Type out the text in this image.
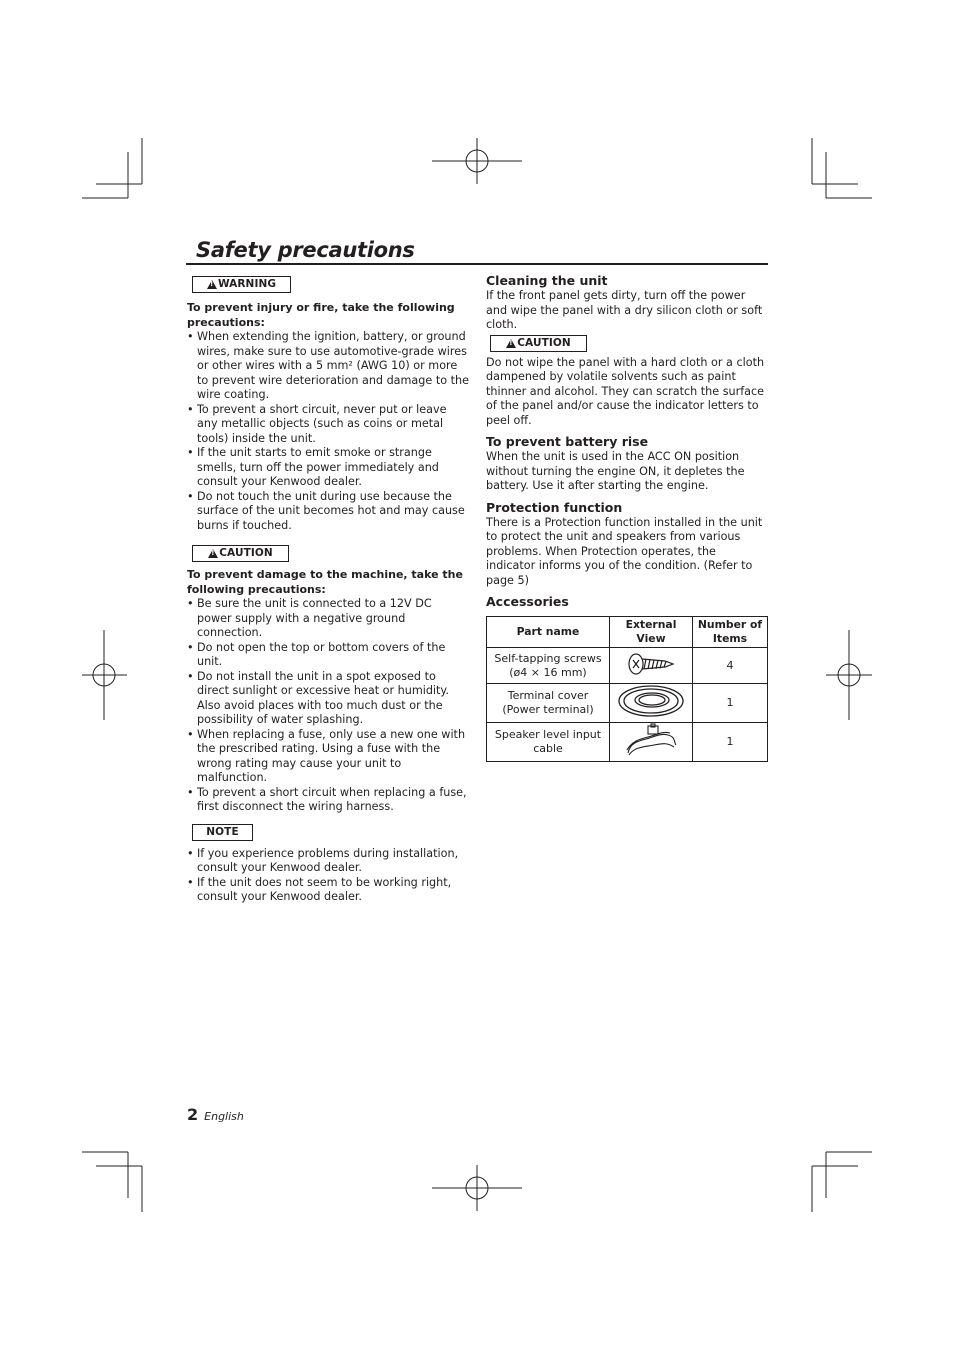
Safety precautions
!
WARNING

To prevent injury or fire, take the following precautions:

• When extending the ignition, battery, or ground wires, make sure to use automotive-grade wires or other wires with a 5 mm² (AWG 10) or more to prevent wire deterioration and damage to the wire coating.
• To prevent a short circuit, never put or leave any metallic objects (such as coins or metal tools) inside the unit.
• If the unit starts to emit smoke or strange smells, turn off the power immediately and consult your Kenwood dealer.
• Do not touch the unit during use because the surface of the unit becomes hot and may cause burns if touched.
!
CAUTION

To prevent damage to the machine, take the following precautions:

• Be sure the unit is connected to a 12V DC power supply with a negative ground connection.
• Do not open the top or bottom covers of the unit.
• Do not install the unit in a spot exposed to direct sunlight or excessive heat or humidity. Also avoid places with too much dust or the possibility of water splashing.
• When replacing a fuse, only use a new one with the prescribed rating. Using a fuse with the wrong rating may cause your unit to malfunction.
• To prevent a short circuit when replacing a fuse, first disconnect the wiring harness.
NOTE
• If you experience problems during installation, consult your Kenwood dealer.
• If the unit does not seem to be working right, consult your Kenwood dealer.
Cleaning the unit

If the front panel gets dirty, turn off the power and wipe the panel with a dry silicon cloth or soft cloth.

!
CAUTION

Do not wipe the panel with a hard cloth or a cloth dampened by volatile solvents such as paint thinner and alcohol. They can scratch the surface of the panel and/or cause the indicator letters to peel off.

To prevent battery rise

When the unit is used in the ACC ON position without turning the engine ON, it depletes the battery. Use it after starting the engine.

Protection function

There is a Protection function installed in the unit to protect the unit and speakers from various problems. When Protection operates, the indicator informs you of the condition. (Refer to page 5)

Accessories
Part name	External View	Number of Items
Self-tapping screws (ø4 × 16 mm)		4
Terminal cover (Power terminal)		1
Speaker level input cable		1
2 English
